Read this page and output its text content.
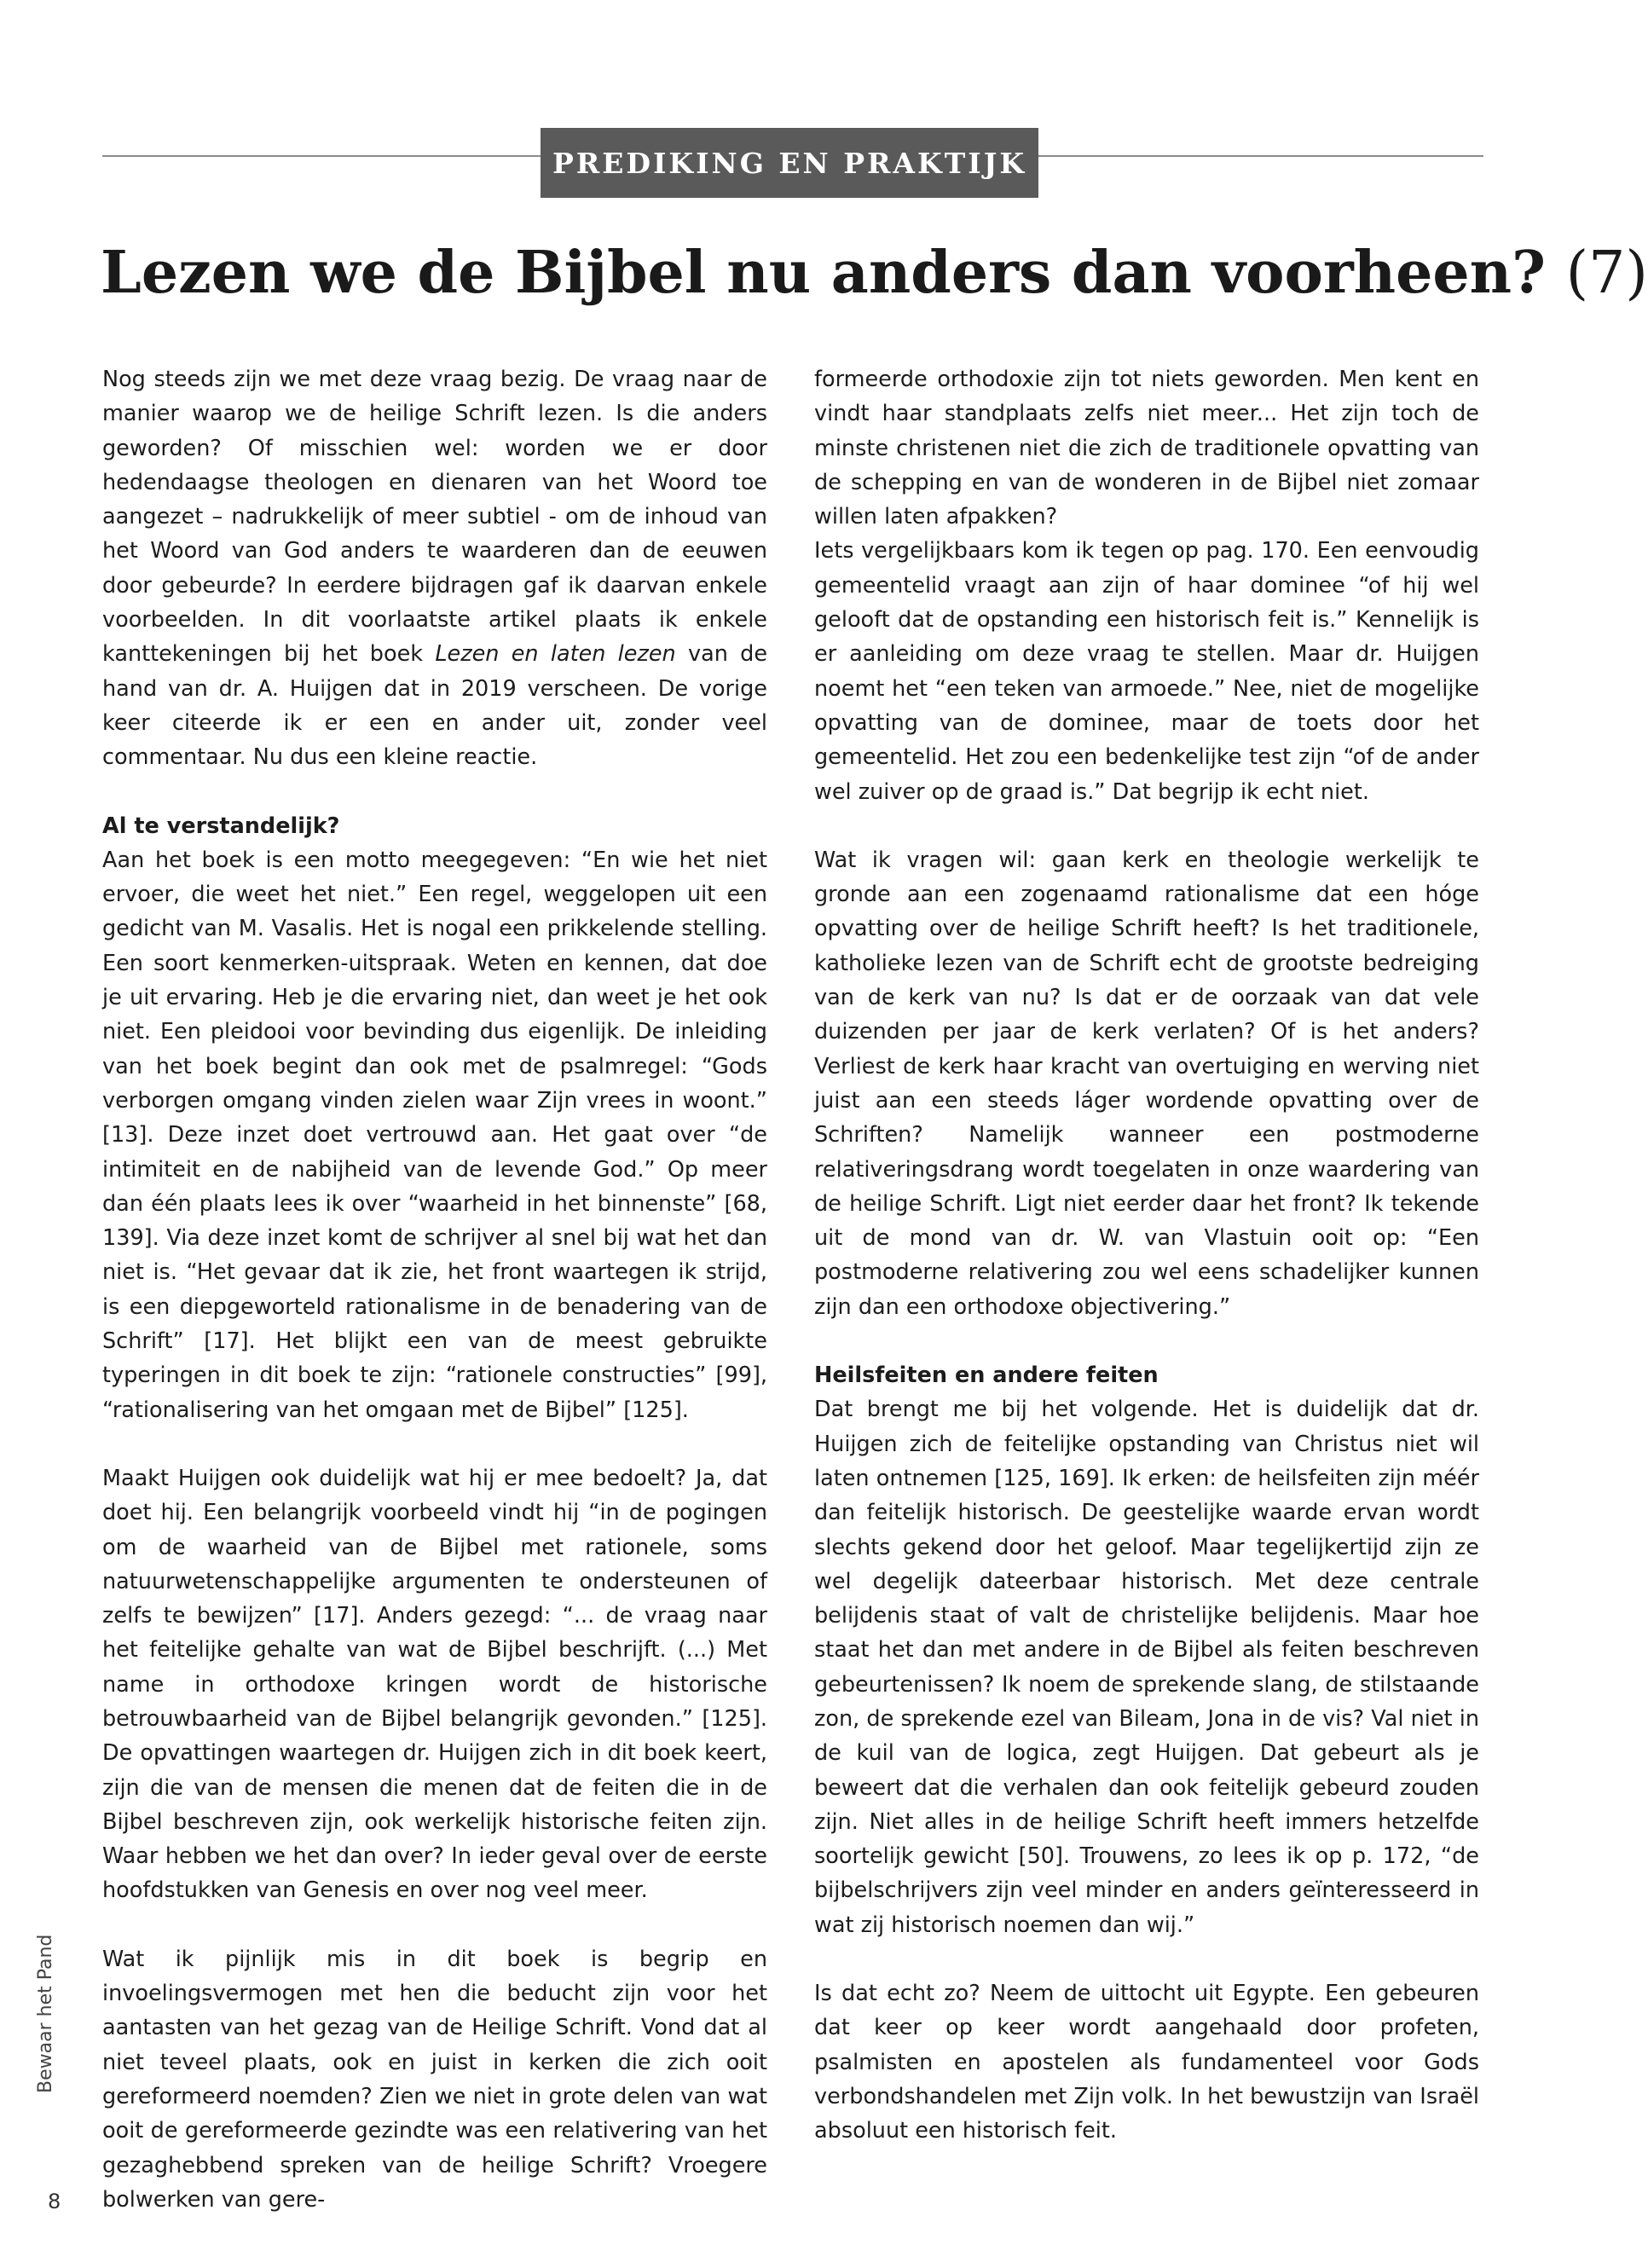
PREDIKING EN PRAKTIJK
Lezen we de Bijbel nu anders dan voorheen? (7)

Nog steeds zijn we met deze vraag bezig. De vraag naar de manier waarop we de heilige Schrift lezen. Is die anders geworden? Of misschien wel: worden we er door hedendaagse theologen en dienaren van het Woord toe aangezet – nadrukkelijk of meer subtiel - om de inhoud van het Woord van God anders te waarderen dan de eeuwen door gebeurde? In eerdere bijdragen gaf ik daarvan enkele voorbeelden. In dit voorlaatste artikel plaats ik enkele kanttekeningen bij het boek Lezen en laten lezen van de hand van dr. A. Huijgen dat in 2019 verscheen. De vorige keer citeerde ik er een en ander uit, zonder veel commentaar. Nu dus een kleine reactie.

Al te verstandelijk?

Aan het boek is een motto meegegeven: “En wie het niet ervoer, die weet het niet.” Een regel, weggelopen uit een gedicht van M. Vasalis. Het is nogal een prikkelende stelling. Een soort kenmerken-uitspraak. Weten en kennen, dat doe je uit ervaring. Heb je die ervaring niet, dan weet je het ook niet. Een pleidooi voor bevinding dus eigenlijk. De inleiding van het boek begint dan ook met de psalmregel: “Gods verborgen omgang vinden zielen waar Zijn vrees in woont.” [13]. Deze inzet doet vertrouwd aan. Het gaat over “de intimiteit en de nabijheid van de levende God.” Op meer dan één plaats lees ik over “waarheid in het binnenste” [68, 139]. Via deze inzet komt de schrijver al snel bij wat het dan niet is. “Het gevaar dat ik zie, het front waartegen ik strijd, is een diepgeworteld rationalisme in de benadering van de Schrift” [17]. Het blijkt een van de meest gebruikte typeringen in dit boek te zijn: “rationele constructies” [99], “rationalisering van het omgaan met de Bijbel” [125].

Maakt Huijgen ook duidelijk wat hij er mee bedoelt? Ja, dat doet hij. Een belangrijk voorbeeld vindt hij “in de pogingen om de waarheid van de Bijbel met rationele, soms natuurwetenschappelijke argumenten te ondersteunen of zelfs te bewijzen” [17]. Anders gezegd: “... de vraag naar het feitelijke gehalte van wat de Bijbel beschrijft. (...) Met name in orthodoxe kringen wordt de historische betrouwbaarheid van de Bijbel belangrijk gevonden.” [125]. De opvattingen waartegen dr. Huijgen zich in dit boek keert, zijn die van de mensen die menen dat de feiten die in de Bijbel beschreven zijn, ook werkelijk historische feiten zijn. Waar hebben we het dan over? In ieder geval over de eerste hoofdstukken van Genesis en over nog veel meer.

Wat ik pijnlijk mis in dit boek is begrip en invoelingsvermogen met hen die beducht zijn voor het aantasten van het gezag van de Heilige Schrift. Vond dat al niet teveel plaats, ook en juist in kerken die zich ooit gereformeerd noemden? Zien we niet in grote delen van wat ooit de gereformeerde gezindte was een relativering van het gezaghebbend spreken van de heilige Schrift? Vroegere bolwerken van gere-

formeerde orthodoxie zijn tot niets geworden. Men kent en vindt haar standplaats zelfs niet meer... Het zijn toch de minste christenen niet die zich de traditionele opvatting van de schepping en van de wonderen in de Bijbel niet zomaar willen laten afpakken?

Iets vergelijkbaars kom ik tegen op pag. 170. Een eenvoudig gemeentelid vraagt aan zijn of haar dominee “of hij wel gelooft dat de opstanding een historisch feit is.” Kennelijk is er aanleiding om deze vraag te stellen. Maar dr. Huijgen noemt het “een teken van armoede.” Nee, niet de mogelijke opvatting van de dominee, maar de toets door het gemeentelid. Het zou een bedenkelijke test zijn “of de ander wel zuiver op de graad is.” Dat begrijp ik echt niet.

Wat ik vragen wil: gaan kerk en theologie werkelijk te gronde aan een zogenaamd rationalisme dat een hóge opvatting over de heilige Schrift heeft? Is het traditionele, katholieke lezen van de Schrift echt de grootste bedreiging van de kerk van nu? Is dat er de oorzaak van dat vele duizenden per jaar de kerk verlaten? Of is het anders? Verliest de kerk haar kracht van overtuiging en werving niet juist aan een steeds láger wordende opvatting over de Schriften? Namelijk wanneer een postmoderne relativeringsdrang wordt toegelaten in onze waardering van de heilige Schrift. Ligt niet eerder daar het front? Ik tekende uit de mond van dr. W. van Vlastuin ooit op: “Een postmoderne relativering zou wel eens schadelijker kunnen zijn dan een orthodoxe objectivering.”

Heilsfeiten en andere feiten

Dat brengt me bij het volgende. Het is duidelijk dat dr. Huijgen zich de feitelijke opstanding van Christus niet wil laten ontnemen [125, 169]. Ik erken: de heilsfeiten zijn méér dan feitelijk historisch. De geestelijke waarde ervan wordt slechts gekend door het geloof. Maar tegelijkertijd zijn ze wel degelijk dateerbaar historisch. Met deze centrale belijdenis staat of valt de christelijke belijdenis. Maar hoe staat het dan met andere in de Bijbel als feiten beschreven gebeurtenissen? Ik noem de sprekende slang, de stilstaande zon, de sprekende ezel van Bileam, Jona in de vis? Val niet in de kuil van de logica, zegt Huijgen. Dat gebeurt als je beweert dat die verhalen dan ook feitelijk gebeurd zouden zijn. Niet alles in de heilige Schrift heeft immers hetzelfde soortelijk gewicht [50]. Trouwens, zo lees ik op p. 172, “de bijbelschrijvers zijn veel minder en anders geïnteresseerd in wat zij historisch noemen dan wij.”

Is dat echt zo? Neem de uittocht uit Egypte. Een gebeuren dat keer op keer wordt aangehaald door profeten, psalmisten en apostelen als fundamenteel voor Gods verbondshandelen met Zijn volk. In het bewustzijn van Israël absoluut een historisch feit.

Bewaar het Pand
8
